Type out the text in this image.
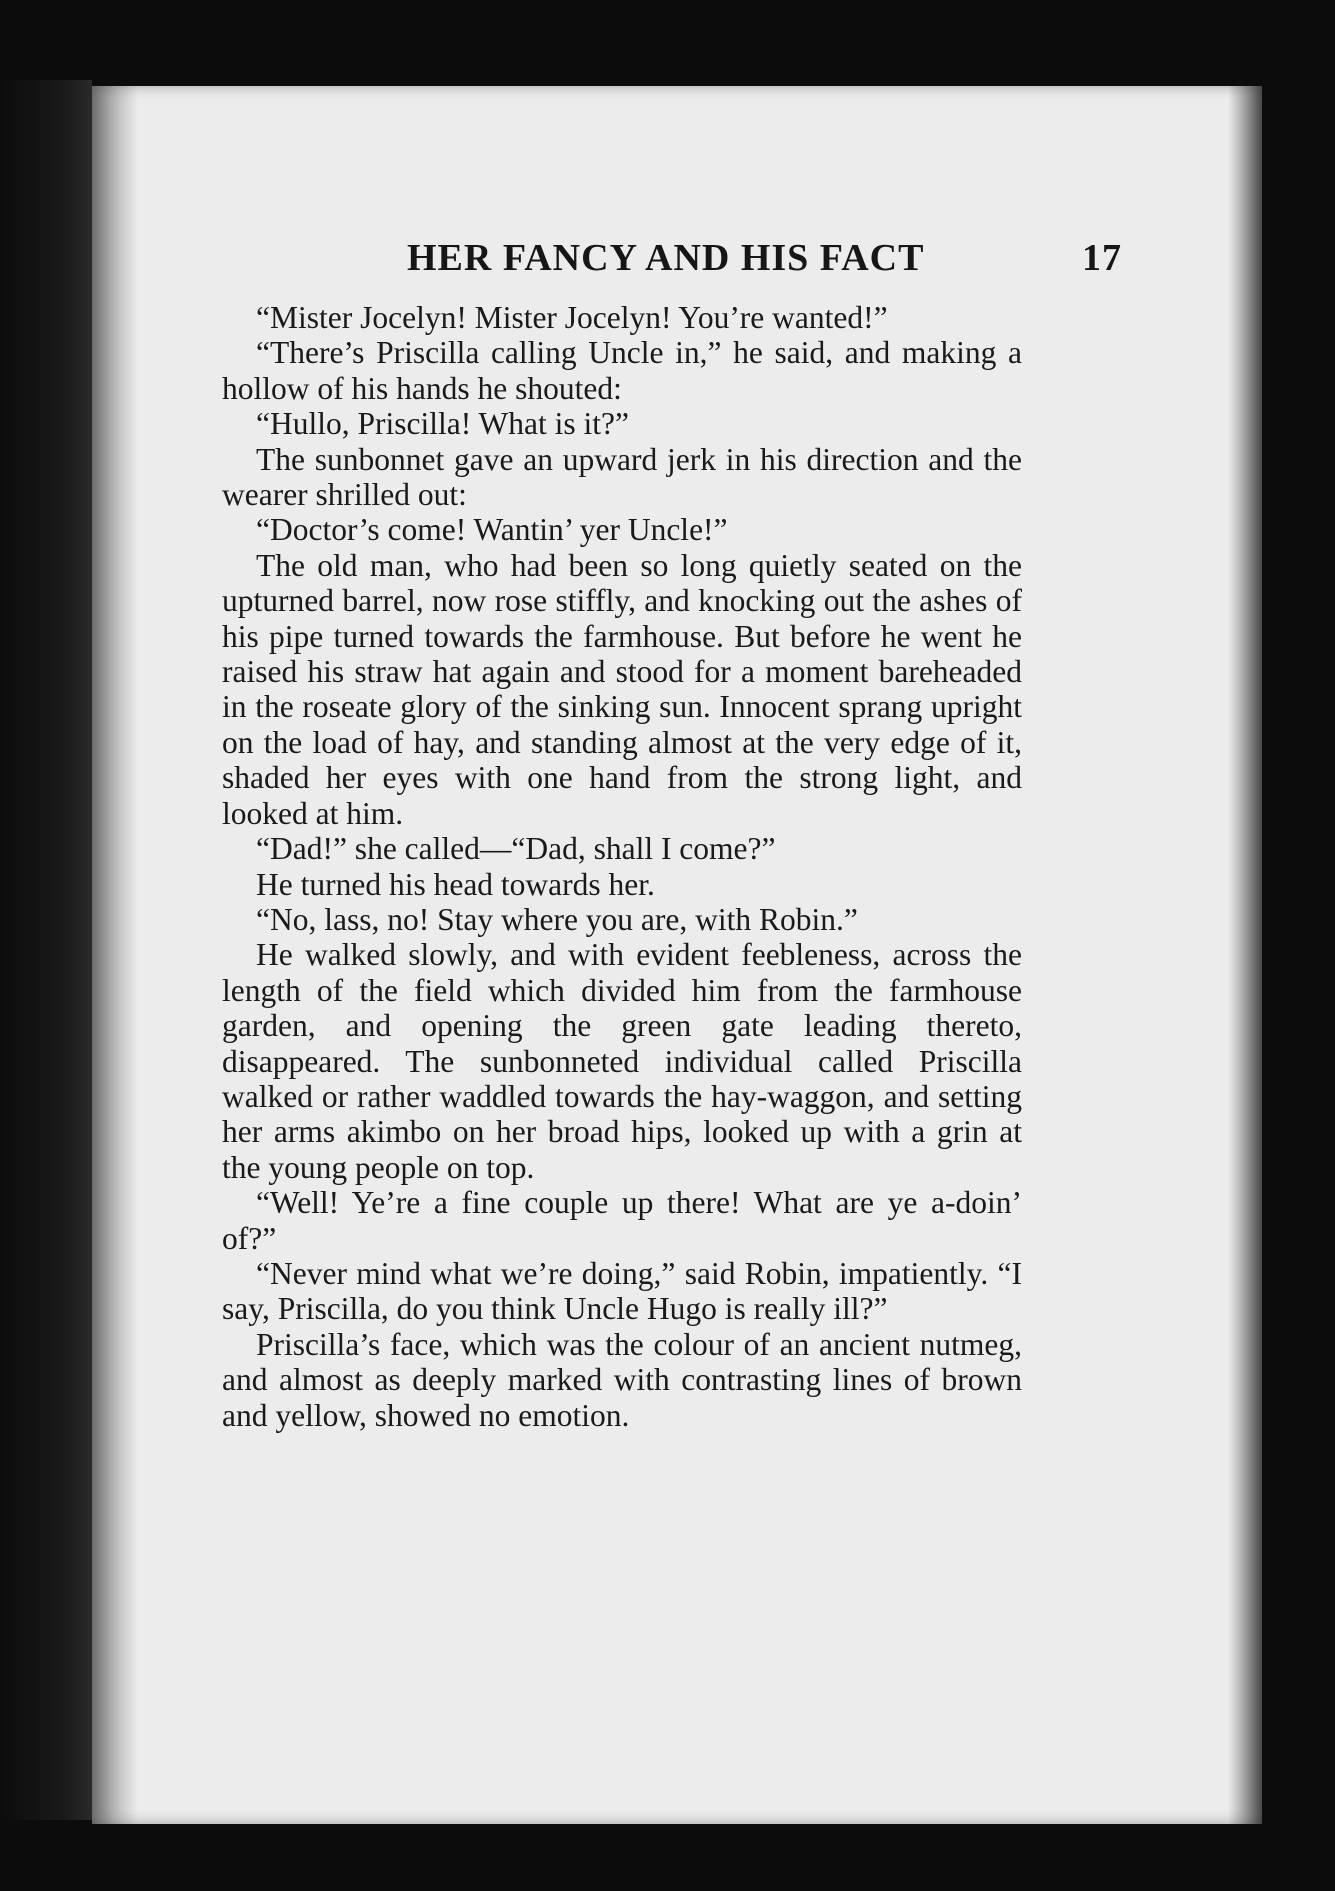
HER FANCY AND HIS FACT	17

“Mister Jocelyn! Mister Jocelyn! You’re wanted!”

“There’s Priscilla calling Uncle in,” he said, and making a hollow of his hands he shouted:

“Hullo, Priscilla! What is it?”

The sunbonnet gave an upward jerk in his direction and the wearer shrilled out:

“Doctor’s come! Wantin’ yer Uncle!”

The old man, who had been so long quietly seated on the upturned barrel, now rose stiffly, and knocking out the ashes of his pipe turned towards the farmhouse. But before he went he raised his straw hat again and stood for a moment bareheaded in the roseate glory of the sinking sun. Innocent sprang upright on the load of hay, and standing almost at the very edge of it, shaded her eyes with one hand from the strong light, and looked at him.

“Dad!” she called—“Dad, shall I come?”

He turned his head towards her.

“No, lass, no! Stay where you are, with Robin.”

He walked slowly, and with evident feebleness, across the length of the field which divided him from the farmhouse garden, and opening the green gate leading thereto, disappeared. The sunbonneted individual called Priscilla walked or rather waddled towards the hay-waggon, and setting her arms akimbo on her broad hips, looked up with a grin at the young people on top.

“Well! Ye’re a fine couple up there! What are ye a-doin’ of?”

“Never mind what we’re doing,” said Robin, impatiently. “I say, Priscilla, do you think Uncle Hugo is really ill?”

Priscilla’s face, which was the colour of an ancient nutmeg, and almost as deeply marked with contrasting lines of brown and yellow, showed no emotion.
